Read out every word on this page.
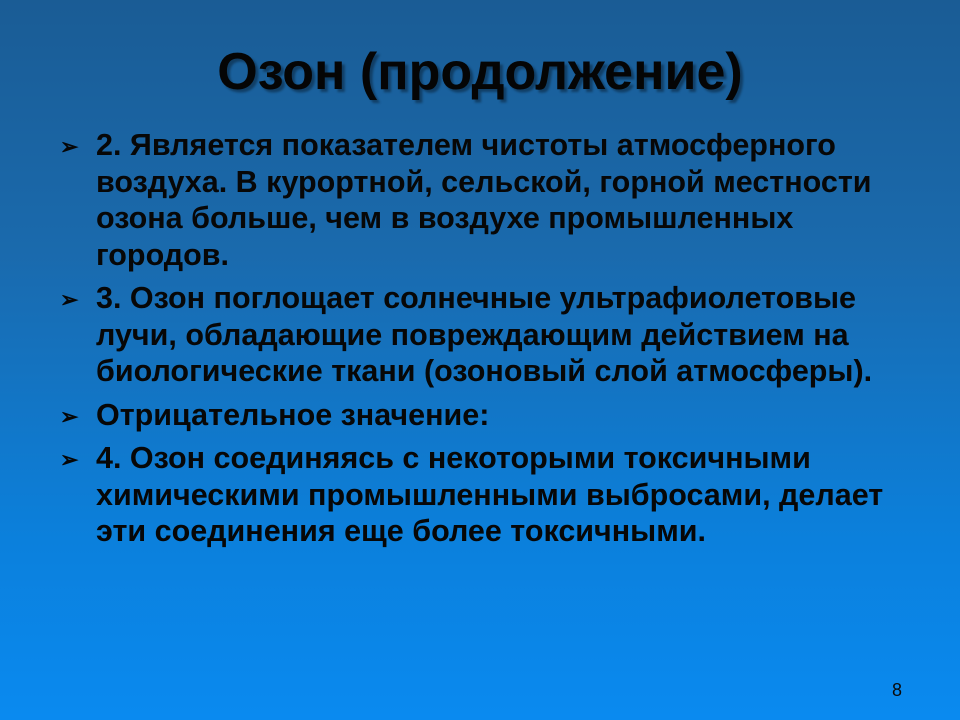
Озон (продолжение)
➢ 2. Является показателем чистоты атмосферного воздуха. В курортной, сельской, горной местности озона больше, чем в воздухе промышленных городов.
➢ 3. Озон поглощает солнечные ультрафиолетовые лучи, обладающие повреждающим действием на биологические ткани (озоновый слой атмосферы).
➢ Отрицательное значение:
➢ 4. Озон соединяясь с некоторыми токсичными химическими промышленными выбросами, делает эти соединения еще более токсичными.
8
